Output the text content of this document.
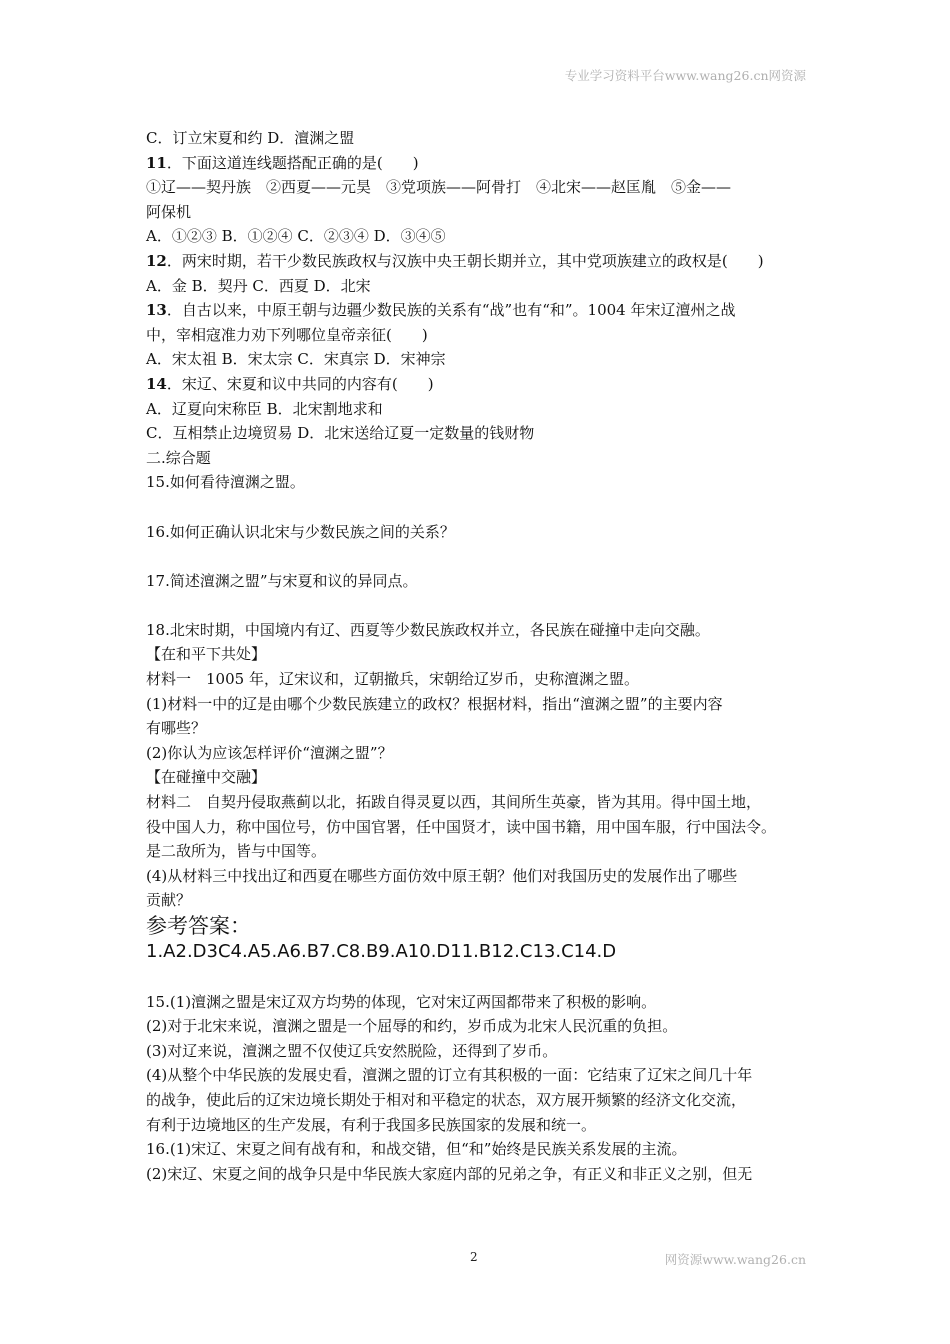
专业学习资料平台www.wang26.cn网资源

C．订立宋夏和约 D．澶渊之盟

11．下面这道连线题搭配正确的是(　　)

①辽——契丹族　②西夏——元昊　③党项族——阿骨打　④北宋——赵匡胤　⑤金——

阿保机

A．①②③ B．①②④ C．②③④ D．③④⑤

12．两宋时期，若干少数民族政权与汉族中央王朝长期并立，其中党项族建立的政权是(　　)

A．金 B．契丹 C．西夏 D．北宋

13．自古以来，中原王朝与边疆少数民族的关系有“战”也有“和”。1004 年宋辽澶州之战

中，宰相寇准力劝下列哪位皇帝亲征(　　)

A．宋太祖 B．宋太宗 C．宋真宗 D．宋神宗

14．宋辽、宋夏和议中共同的内容有(　　)

A．辽夏向宋称臣 B．北宋割地求和

C．互相禁止边境贸易 D．北宋送给辽夏一定数量的钱财物

二.综合题

15.如何看待澶渊之盟。

16.如何正确认识北宋与少数民族之间的关系？

17.简述澶渊之盟”与宋夏和议的异同点。

18.北宋时期，中国境内有辽、西夏等少数民族政权并立，各民族在碰撞中走向交融。

【在和平下共处】

材料一　1005 年，辽宋议和，辽朝撤兵，宋朝给辽岁币，史称澶渊之盟。

(1)材料一中的辽是由哪个少数民族建立的政权？根据材料，指出“澶渊之盟”的主要内容

有哪些？

(2)你认为应该怎样评价“澶渊之盟”？

【在碰撞中交融】

材料二　自契丹侵取燕蓟以北，拓跋自得灵夏以西，其间所生英豪，皆为其用。得中国土地，

役中国人力，称中国位号，仿中国官署，任中国贤才，读中国书籍，用中国车服，行中国法令。

是二敌所为，皆与中国等。

(4)从材料三中找出辽和西夏在哪些方面仿效中原王朝？他们对我国历史的发展作出了哪些

贡献？

参考答案：

1.A2.D3C4.A5.A6.B7.C8.B9.A10.D11.B12.C13.C14.D

15.(1)澶渊之盟是宋辽双方均势的体现，它对宋辽两国都带来了积极的影响。

(2)对于北宋来说，澶渊之盟是一个屈辱的和约，岁币成为北宋人民沉重的负担。

(3)对辽来说，澶渊之盟不仅使辽兵安然脱险，还得到了岁币。

(4)从整个中华民族的发展史看，澶渊之盟的订立有其积极的一面：它结束了辽宋之间几十年

的战争，使此后的辽宋边境长期处于相对和平稳定的状态，双方展开频繁的经济文化交流，

有利于边境地区的生产发展，有利于我国多民族国家的发展和统一。

16.(1)宋辽、宋夏之间有战有和，和战交错，但“和”始终是民族关系发展的主流。

(2)宋辽、宋夏之间的战争只是中华民族大家庭内部的兄弟之争，有正义和非正义之别，但无

2	网资源www.wang26.cn
